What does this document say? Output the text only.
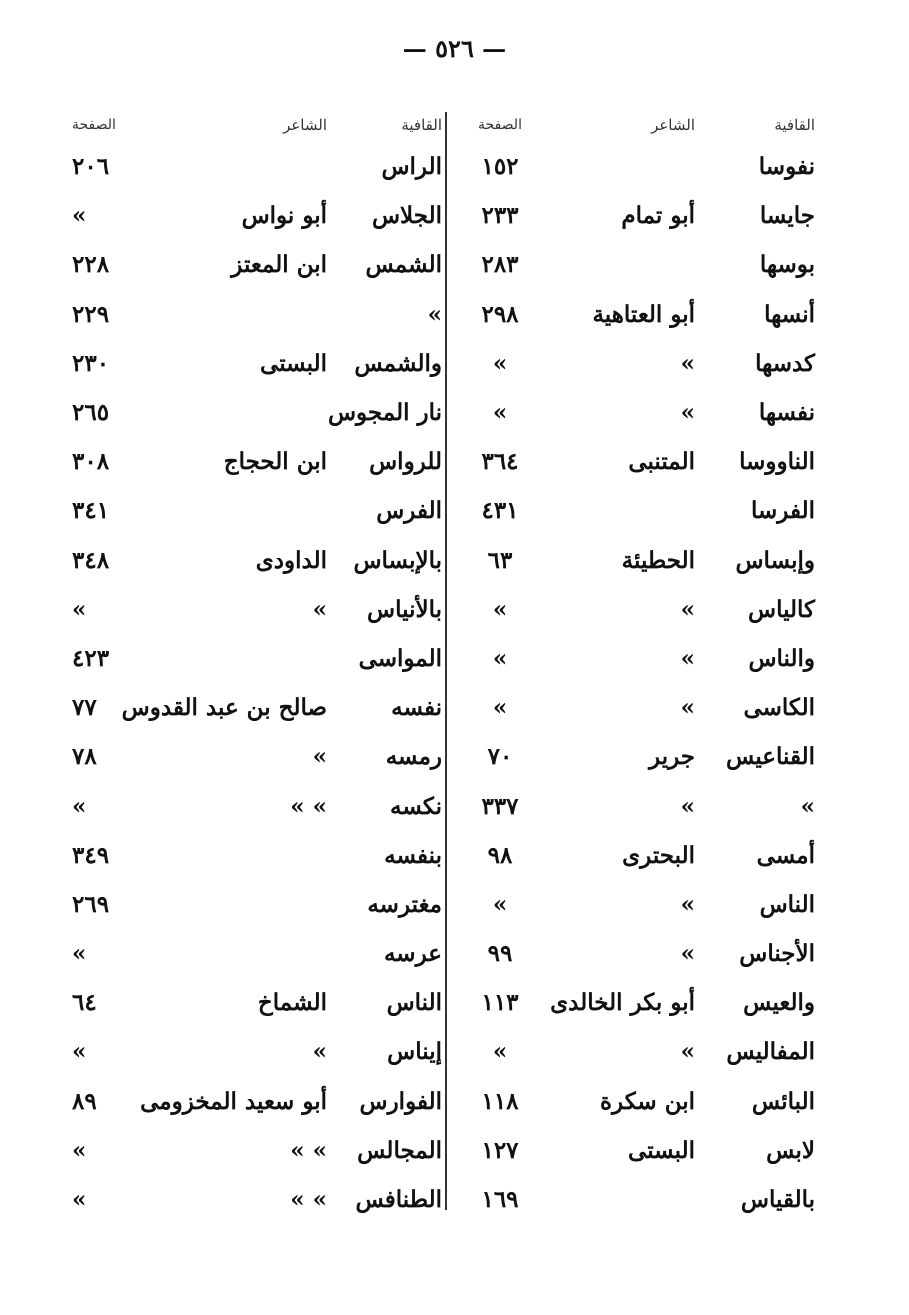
— ٥٢٦ —
القافية
الشاعر
الصفحة
نفوسا
١٥٢
جايسا
أبو تمام
٢٣٣
بوسها
٢٨٣
أنسها
أبو العتاهية
٢٩٨
كدسها
»
»
نفسها
»
»
الناووسا
المتنبى
٣٦٤
الفرسا
٤٣١
وإبساس
الحطيئة
٦٣
كالياس
»
»
والناس
»
»
الكاسى
»
»
القناعيس
جرير
٧٠
»
»
٣٣٧
أمسى
البحترى
٩٨
الناس
»
»
الأجناس
»
٩٩
والعيس
أبو بكر الخالدى
١١٣
المفاليس
»
»
البائس
ابن سكرة
١١٨
لابس
البستى
١٢٧
بالقياس
١٦٩
القافية
الشاعر
الصفحة
الراس
٢٠٦
الجلاس
أبو نواس
»
الشمس
ابن المعتز
٢٢٨
»
٢٢٩
والشمس
البستى
٢٣٠
نار المجوس
٢٦٥
للرواس
ابن الحجاج
٣٠٨
الفرس
٣٤١
بالإبساس
الداودى
٣٤٨
بالأنياس
»
»
المواسى
٤٢٣
نفسه
صالح بن عبد القدوس
٧٧
رمسه
»
٧٨
نكسه
» »
»
بنفسه
٣٤٩
مغترسه
٢٦٩
عرسه
»
الناس
الشماخ
٦٤
إيناس
»
»
الفوارس
أبو سعيد المخزومى
٨٩
المجالس
» »
»
الطنافس
» »
»
